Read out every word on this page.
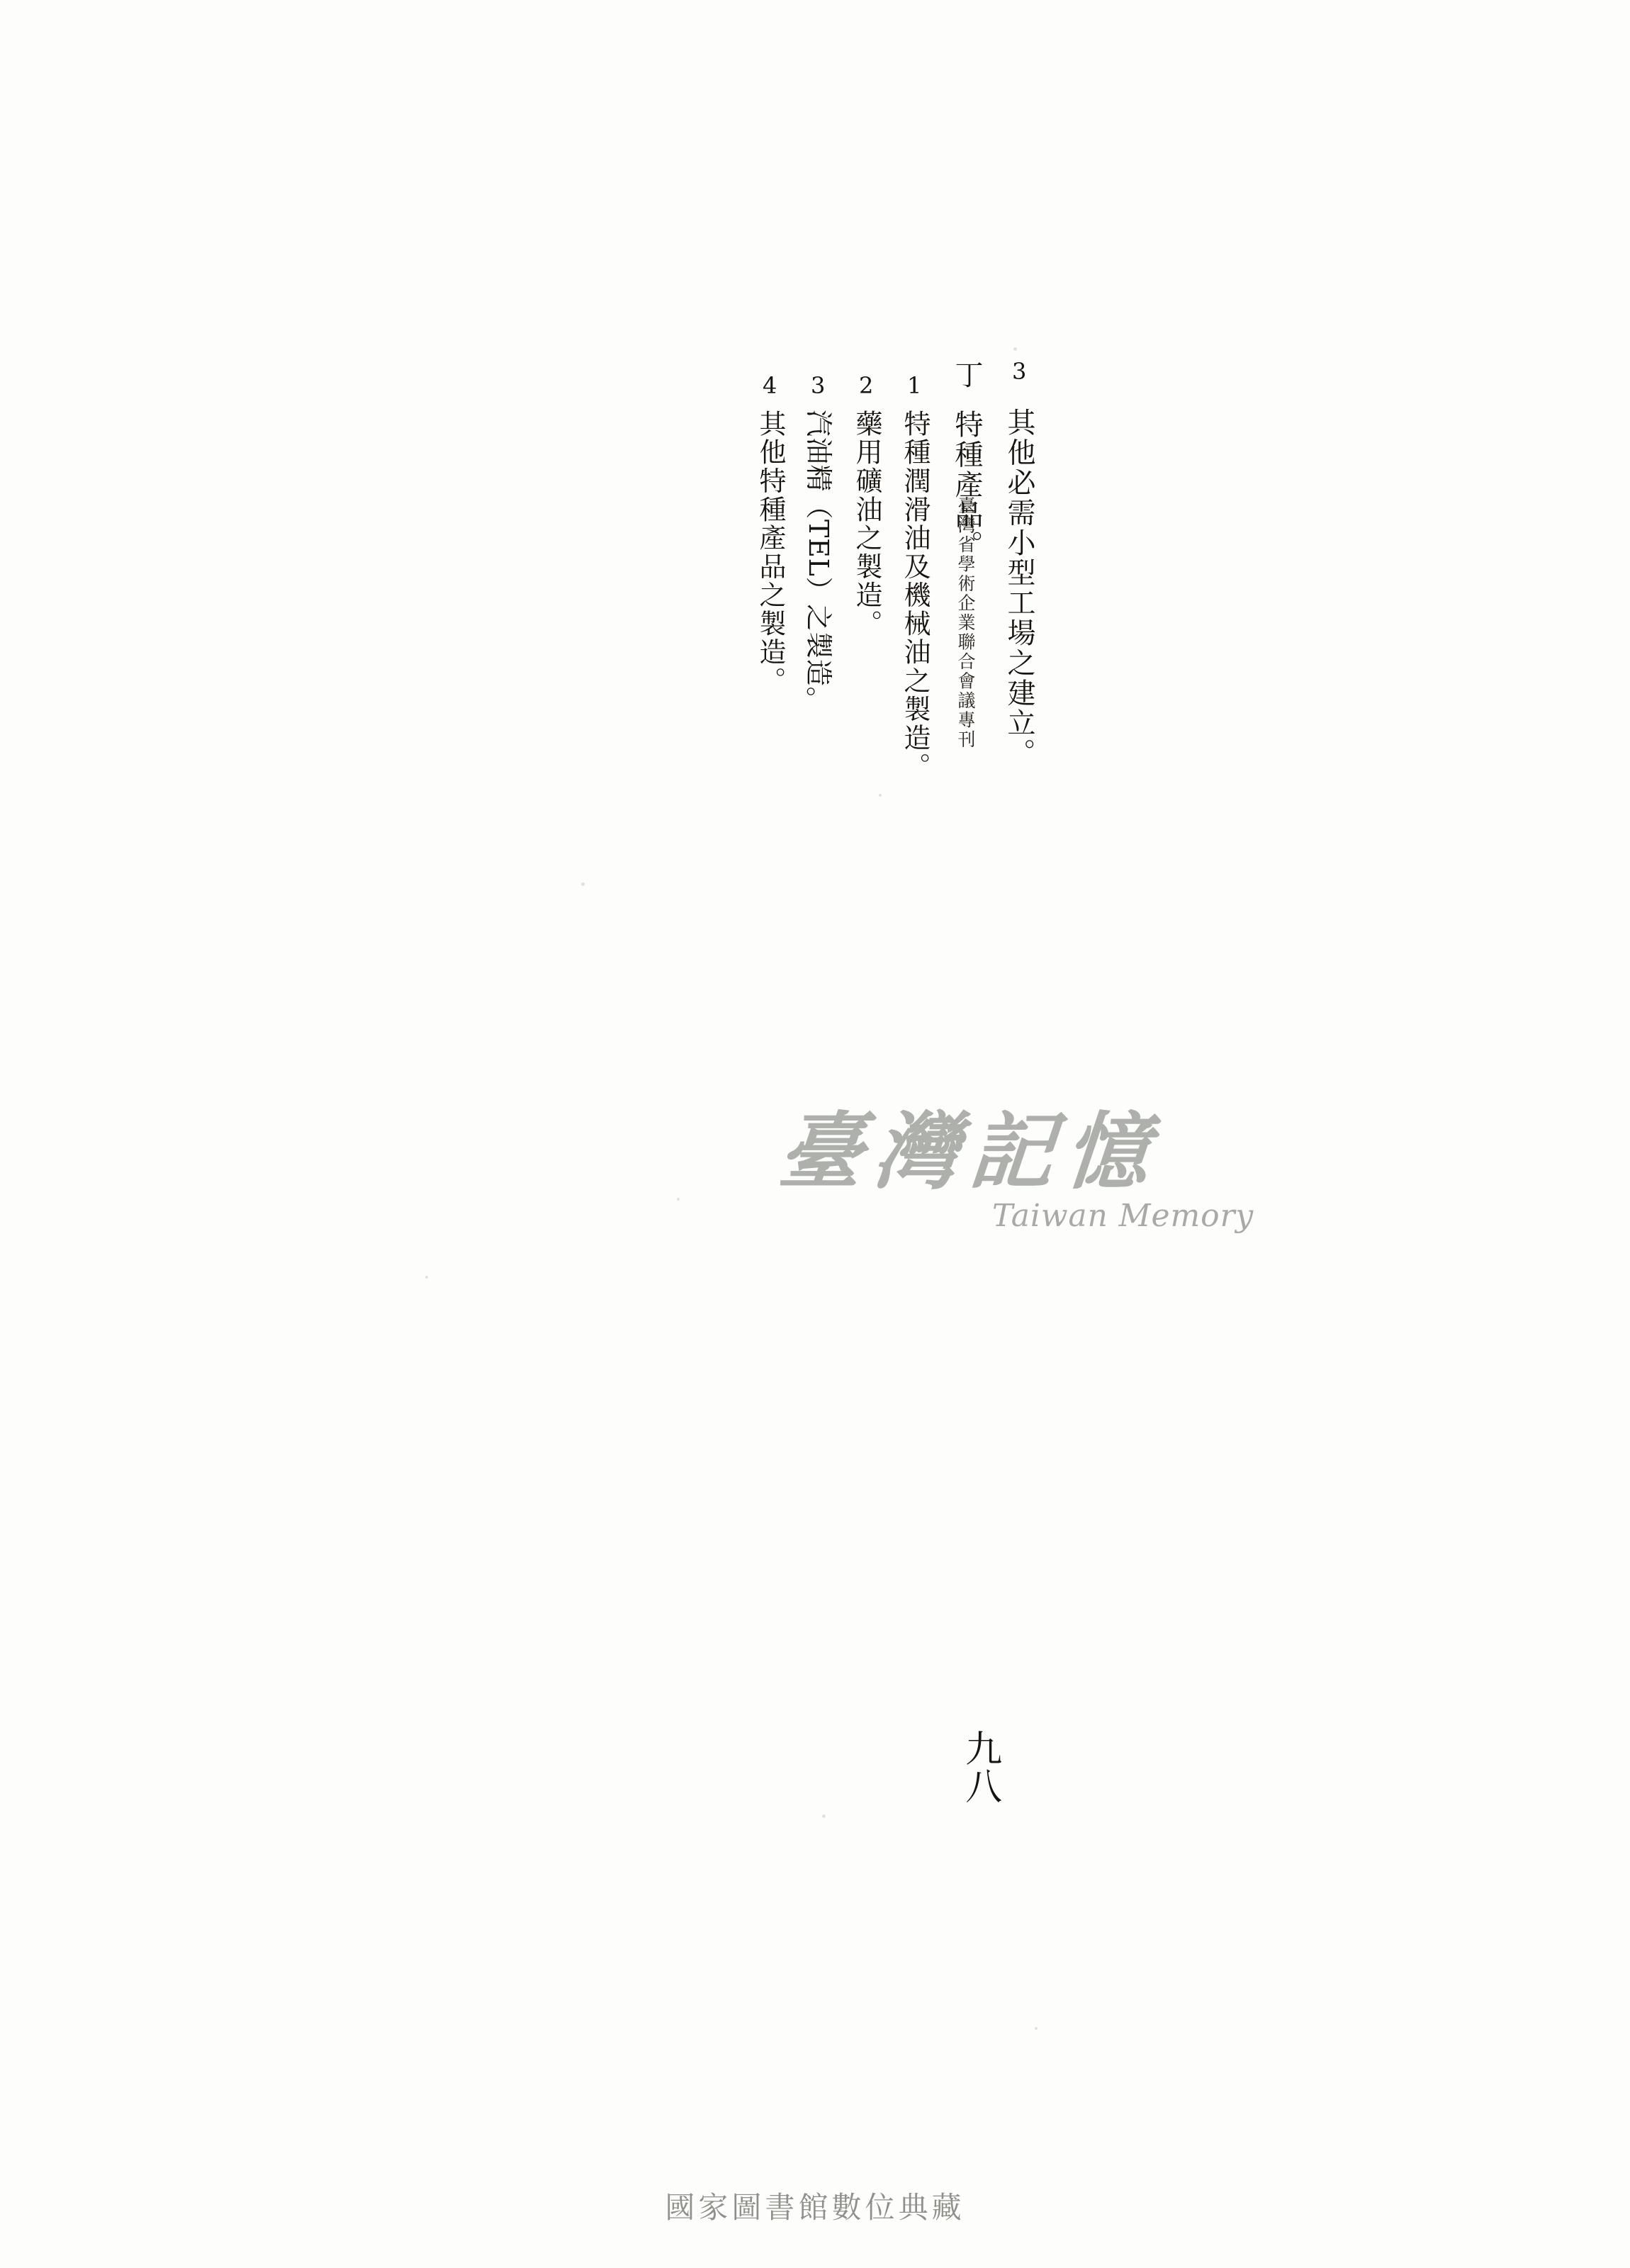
臺灣省學術企業聯合會議專刊
3
其他必需小型工場之建立。
丁
特種產品。
1
特種潤滑油及機械油之製造。
2
藥用礦油之製造。
3
汽油精（TEL）之製造。
4
其他特種產品之製造。
臺灣記憶
Taiwan Memory
九八
國家圖書館數位典藏
